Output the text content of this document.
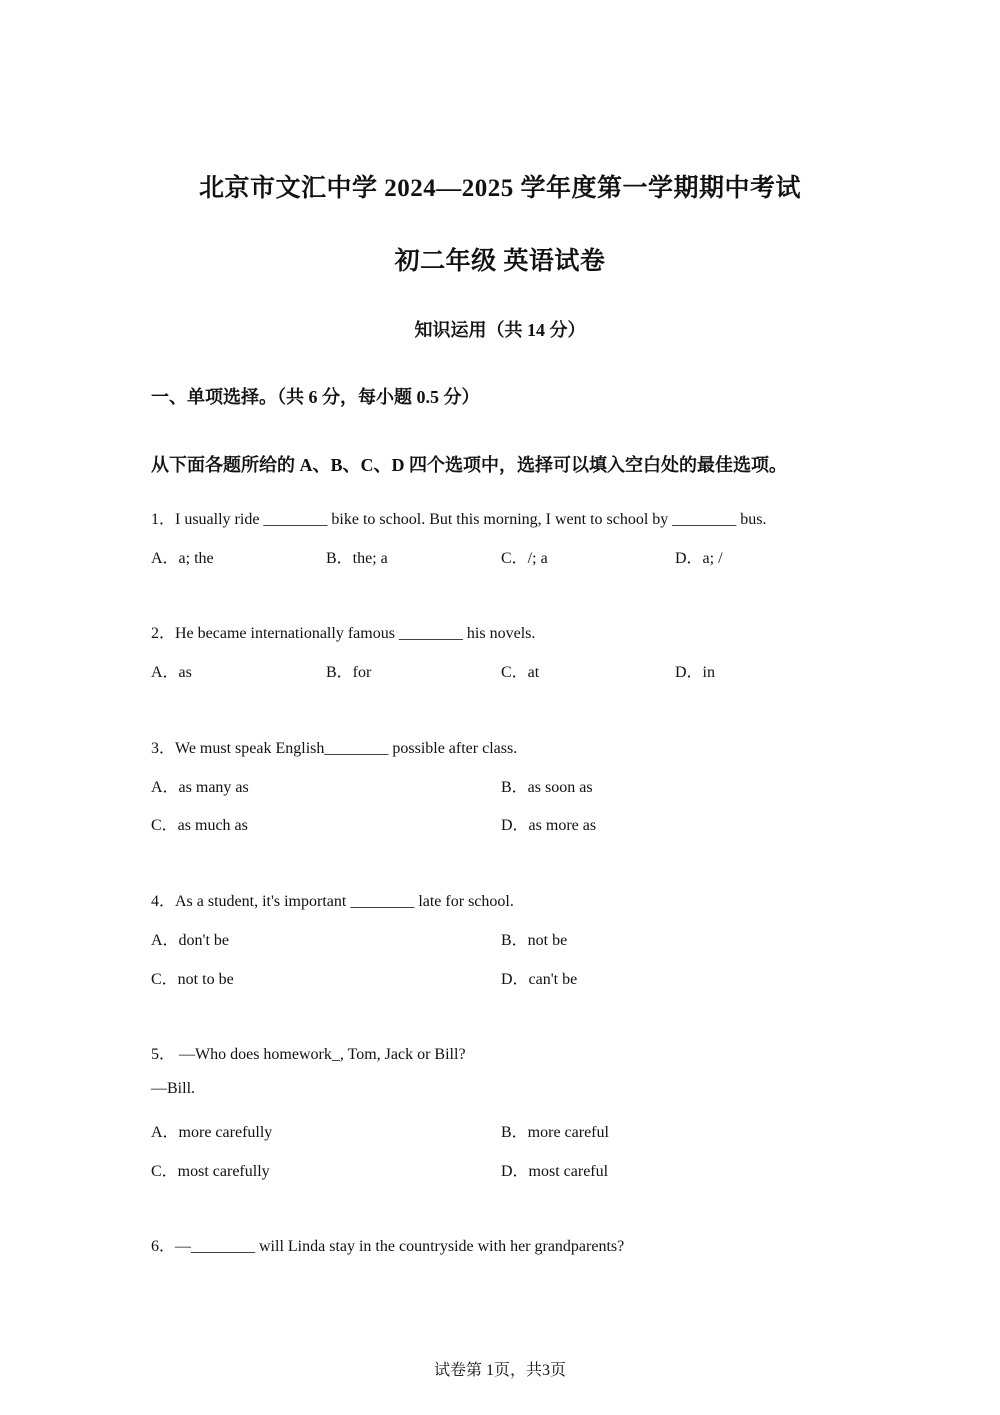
北京市文汇中学 2024—2025 学年度第一学期期中考试
初二年级 英语试卷
知识运用（共 14 分）
一、单项选择。（共 6 分，每小题 0.5 分）
从下面各题所给的 A、B、C、D 四个选项中，选择可以填入空白处的最佳选项。
1．I usually ride ________ bike to school. But this morning, I went to school by ________ bus.
A．a; the	B．the; a	C．/; a	D．a; /
2．He became internationally famous ________ his novels.
A．as	B．for	C．at	D．in
3．We must speak English________ possible after class.
A．as many as	B．as soon as
C．as much as	D．as more as
4．As a student, it's important ________ late for school.
A．don't be	B．not be
C．not to be	D．can't be
5． —Who does homework_, Tom, Jack or Bill?
—Bill.
A．more carefully	B．more careful
C．most carefully	D．most careful
6．—________ will Linda stay in the countryside with her grandparents?
试卷第 1页，共3页
